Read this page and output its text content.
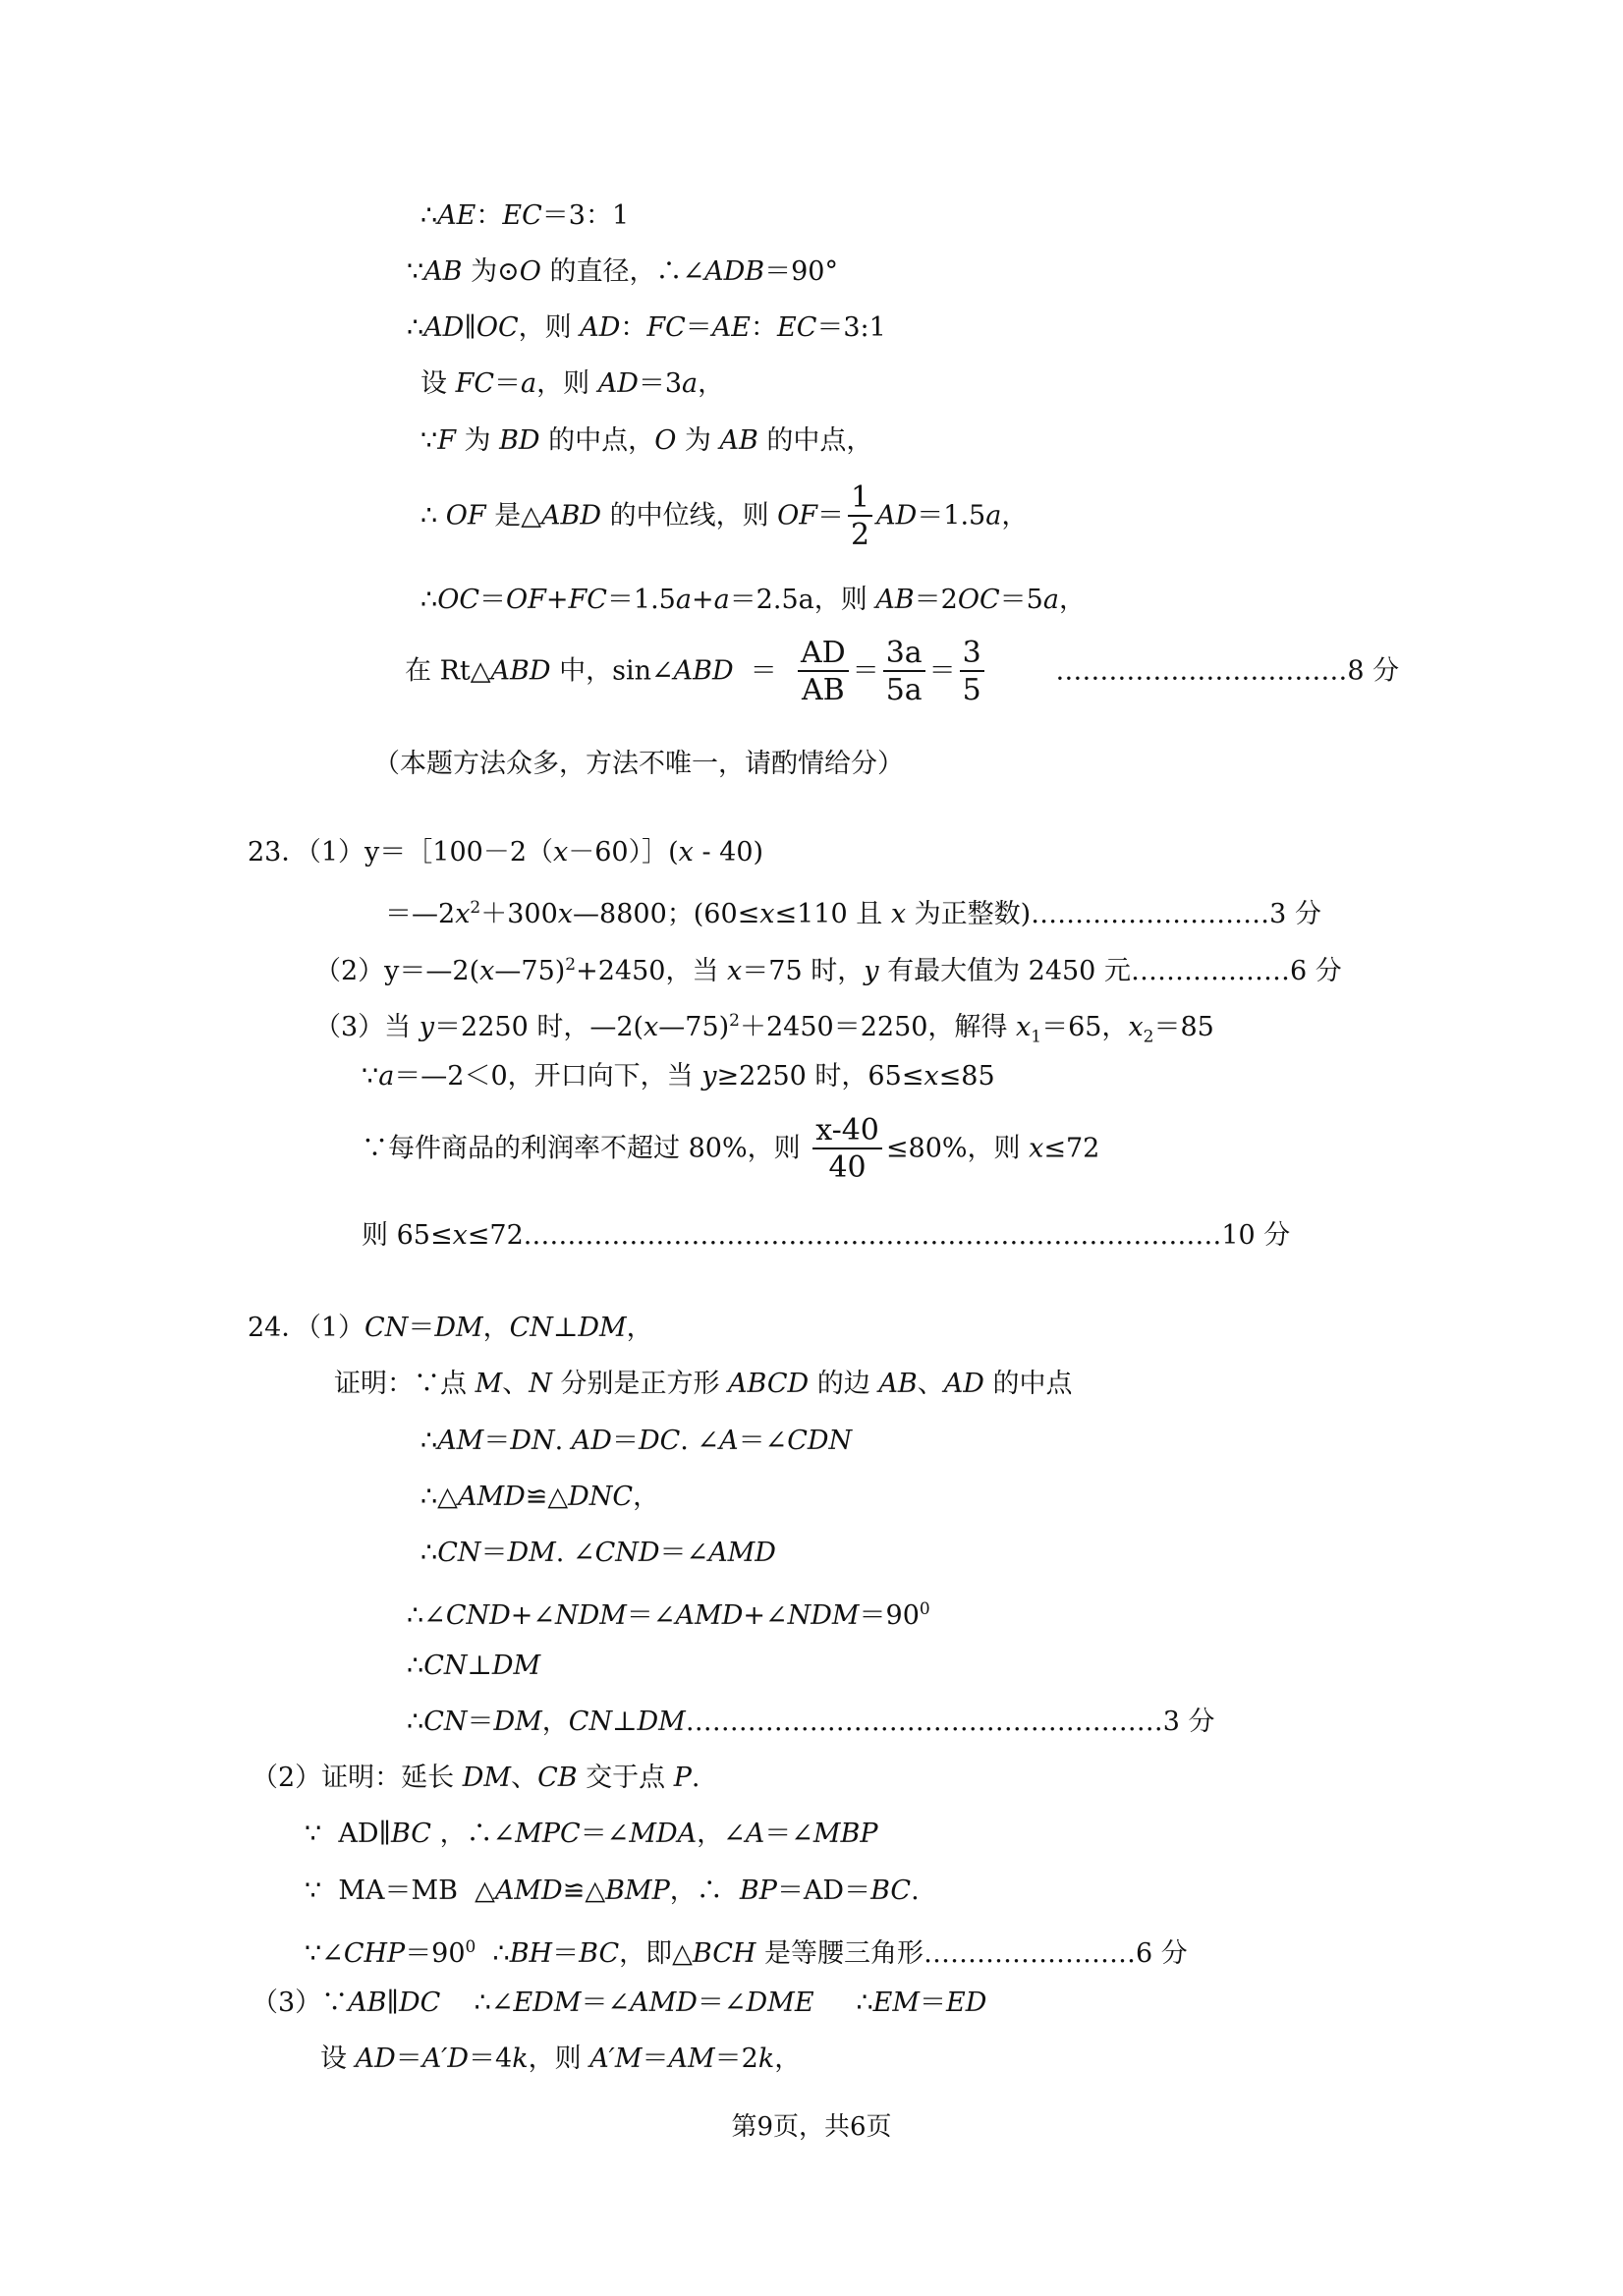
∴AE：EC＝3：1
∵AB 为⊙O 的直径，∴∠ADB＝90°
∴AD∥OC，则 AD：FC＝AE：EC＝3:1
设 FC＝a，则 AD＝3a，
∵F 为 BD 的中点，O 为 AB 的中点，
∴ OF 是△ABD 的中位线，则 $OF= \frac{1}{2} AD=1.5a$，
∴OC＝OF+FC＝1.5a+a＝2.5a，则 AB＝2OC＝5a，
在 Rt△ABD 中，sin∠ABD  ＝ $\frac{AD}{AB} = \frac{3a}{5a} = \frac{3}{5}$ ……………………………8 分
（本题方法众多，方法不唯一，请酌情给分）
23．（1）y＝［100－2（x－60）］(x - 40)
$=—2x^2+300x—8800$；(60≤x≤110 且 x 为正整数)………………………3 分
（2）y＝—2(x—75)$^2$+2450，当 x＝75 时，y 有最大值为 2450 元………………6 分
（3）当 y＝2250 时，—2(x—75)$^2$＋2450＝2250，解得 $x_1=65$，$x_2=85$
∵a＝—2＜0，开口向下，当 y≥2250 时，65≤x≤85
∵每件商品的利润率不超过 80%，则 $\frac{x-40}{40} \le 80\%$，则 x≤72
则 65≤x≤72.……………………………………………………………………10 分
24．（1）CN＝DM，CN⊥DM，
证明：∵点 M、N 分别是正方形 ABCD 的边 AB、AD 的中点
∴AM＝DN. AD＝DC. ∠A＝∠CDN
∴△AMD≌△DNC，
∴CN＝DM. ∠CND＝∠AMD
$\therefore\angle CND+\angle NDM=\angle AMD+\angle NDM=90^0$
∴CN⊥DM
∴CN＝DM，CN⊥DM………………………………………………3 分
（2）证明：延长 DM、CB 交于点 P.
∵  AD∥BC ，∴∠MPC＝∠MDA，∠A＝∠MBP
∵  MA＝MB  △AMD≌△BMP，∴  BP＝AD＝BC.
$\because\angle CHP=90^0$  ∴BH＝BC，即△BCH 是等腰三角形……………………6 分
（3）∵AB∥DC    ∴∠EDM＝∠AMD＝∠DME     ∴EM＝ED
设 AD＝A′D＝4k，则 A′M＝AM＝2k，
第9页，共6页
